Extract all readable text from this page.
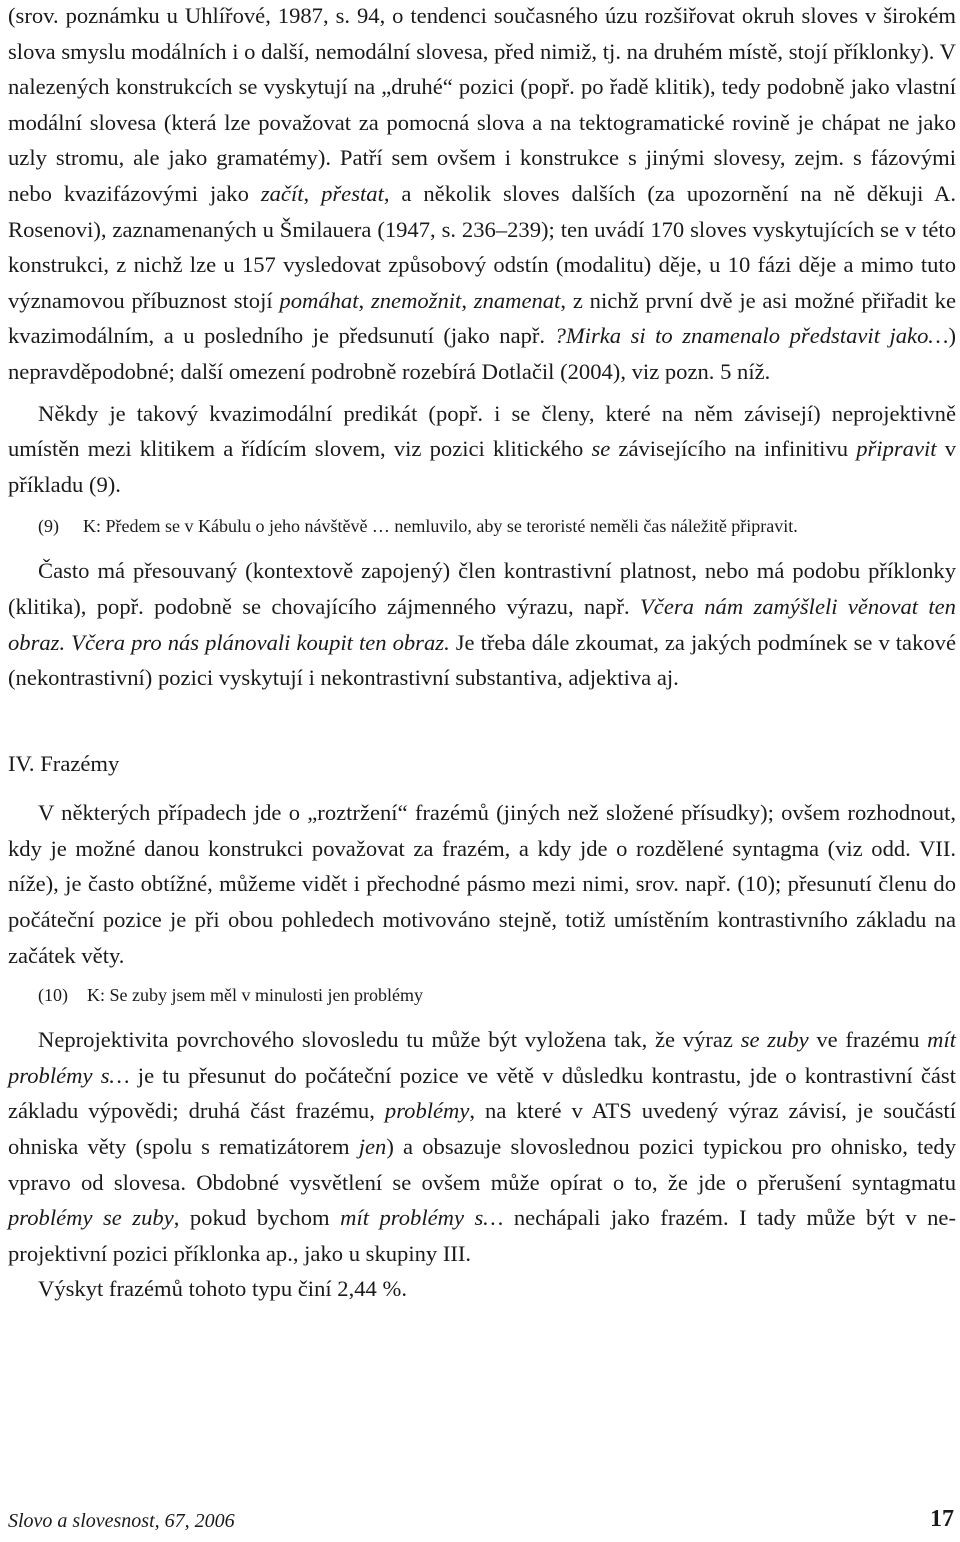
(srov. poznámku u Uhlířové, 1987, s. 94, o tendenci současného úzu rozšiřovat okruh sloves v širokém slova smyslu modálních i o další, nemodální slovesa, před nimiž, tj. na druhém místě, stojí příklonky). V nalezených konstrukcích se vyskytují na „druhé“ pozici (popř. po řadě klitik), tedy podobně jako vlastní modální slovesa (která lze považovat za pomocná slova a na tektogramatické rovině je chápat ne jako uzly stromu, ale jako gramatémy). Patří sem ovšem i konstrukce s jinými slovesy, zejm. s fázovými nebo kvazifázovými jako začít, přestat, a několik sloves dalších (za upozornění na ně děkuji A. Rosenovi), zaznamenaných u Šmilauera (1947, s. 236–239); ten uvádí 170 sloves vyskytujících se v této konstrukci, z nichž lze u 157 vysledovat způsobový odstín (modalitu) děje, u 10 fázi děje a mimo tuto významovou příbuznost stojí pomáhat, znemožnit, znamenat, z nichž první dvě je asi možné přiřadit ke kvazimodálním, a u posledního je předsunutí (jako např. ?Mirka si to znamenalo představit jako…) nepravděpodobné; další omezení podrobně rozebírá Dotlačil (2004), viz pozn. 5 níž.

Někdy je takový kvazimodální predikát (popř. i se členy, které na něm závisejí) neprojektivně umístěn mezi klitikem a řídícím slovem, viz pozici klitického se závisejícího na infinitivu připravit v příkladu (9).

(9) K: Předem se v Kábulu o jeho návštěvě … nemluvilo, aby se teroristé neměli čas náležitě připravit.

Často má přesouvaný (kontextově zapojený) člen kontrastivní platnost, nebo má podobu příklonky (klitika), popř. podobně se chovajícího zájmenného výrazu, např. Včera nám zamýšleli věnovat ten obraz. Včera pro nás plánovali koupit ten obraz. Je třeba dále zkoumat, za jakých podmínek se v takové (nekontrastivní) pozici vyskytují i nekontrastivní substantiva, adjektiva aj.

IV. Frazémy

V některých případech jde o „roztržení“ frazémů (jiných než složené přísudky); ovšem rozhodnout, kdy je možné danou konstrukci považovat za frazém, a kdy jde o rozdělené syntagma (viz odd. VII. níže), je často obtížné, můžeme vidět i přechodné pásmo mezi nimi, srov. např. (10); přesunutí členu do počáteční pozice je při obou pohledech motivováno stejně, totiž umístěním kontrastivního základu na začátek věty.

(10) K: Se zuby jsem měl v minulosti jen problémy

Neprojektivita povrchového slovosledu tu může být vyložena tak, že výraz se zuby ve frazému mít problémy s… je tu přesunut do počáteční pozice ve větě v důsledku kontrastu, jde o kontrastivní část základu výpovědi; druhá část frazému, problémy, na které v ATS uvedený výraz závisí, je součástí ohniska věty (spolu s rematizátorem jen) a obsazuje slovoslednou pozici typickou pro ohnisko, tedy vpravo od slovesa. Obdobné vysvětlení se ovšem může opírat o to, že jde o přerušení syntagmatu problémy se zuby, pokud bychom mít problémy s… nechápali jako frazém. I tady může být v neprojektivní pozici příklonka ap., jako u skupiny III.

Výskyt frazémů tohoto typu činí 2,44 %.

Slovo a slovesnost, 67, 2006	17
